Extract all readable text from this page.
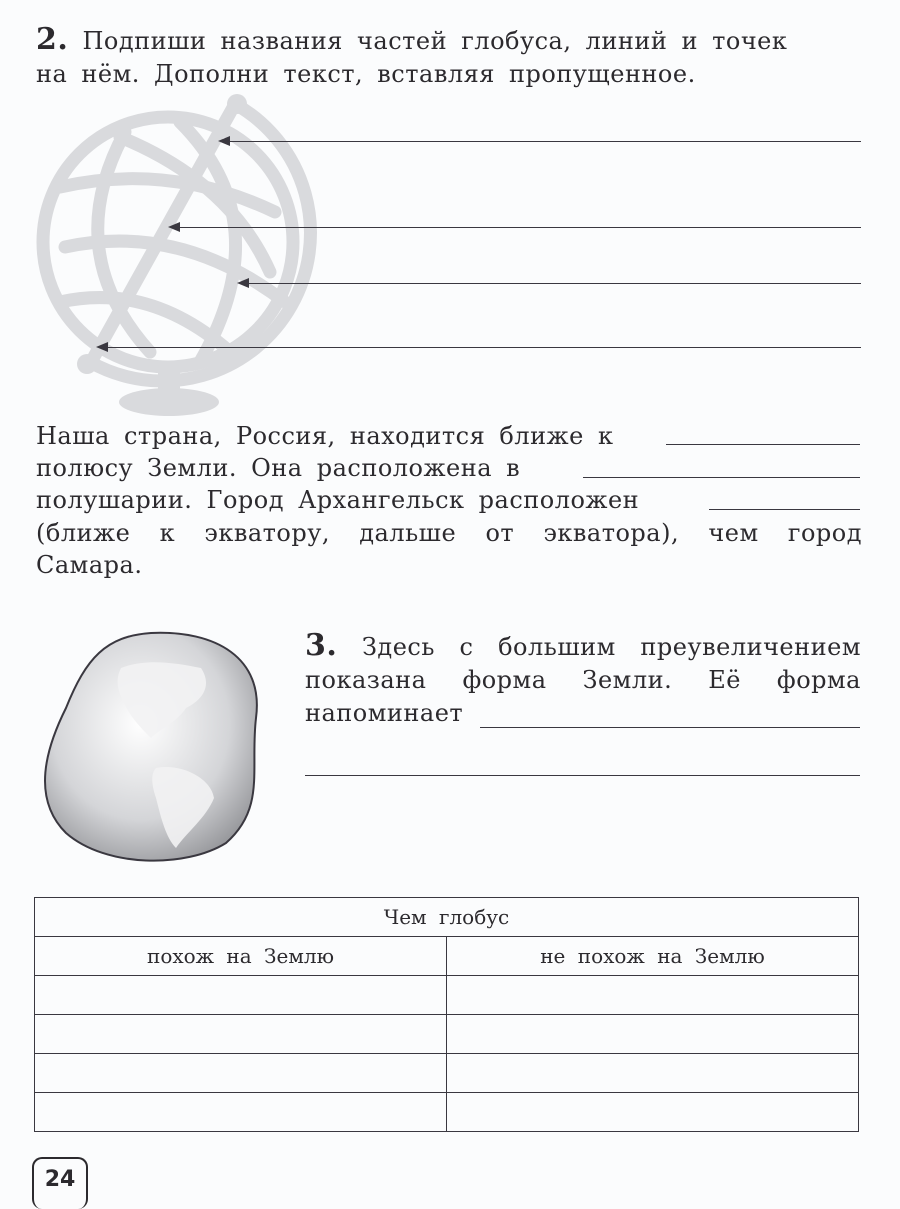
2. Подпиши названия частей глобуса, линий и точек
на нём. Дополни текст, вставляя пропущенное.
Наша страна, Россия, находится ближе к
полюсу Земли. Она расположена в
полушарии. Город Архангельск расположен
(ближе к экватору, дальше от экватора), чем город
Самара.
3. Здесь с большим преувеличением
показана форма Земли. Её форма
напоминает
Чем глобус	
похож на Землю	не похож на Землю

24
